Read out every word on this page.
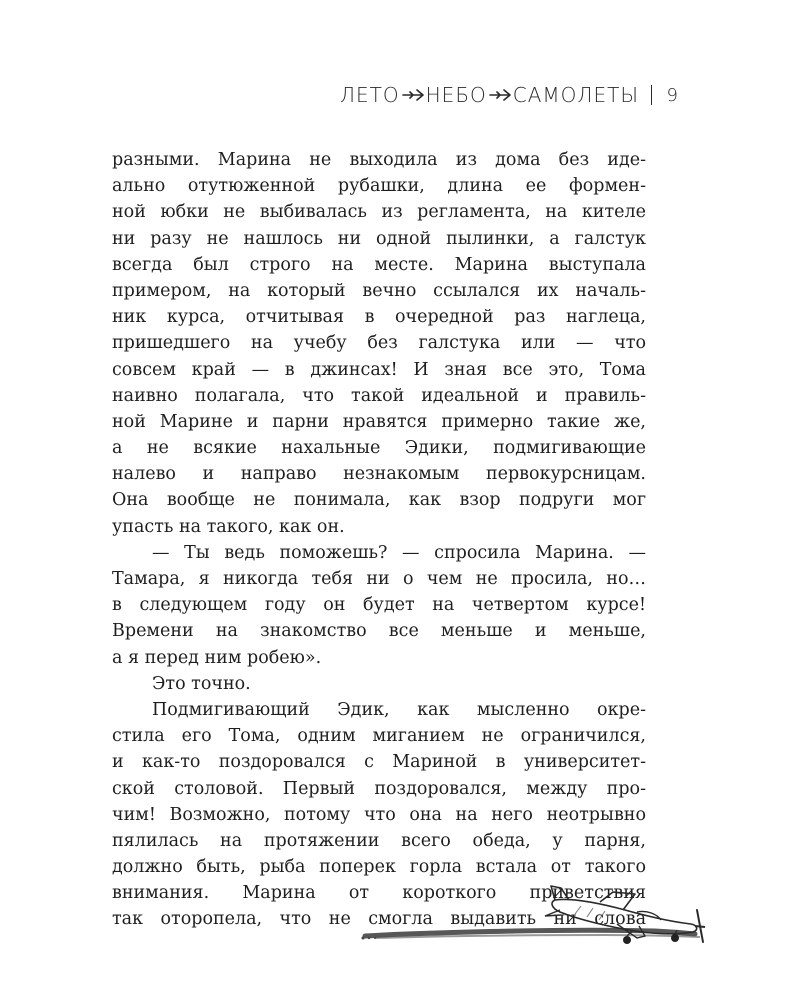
ЛЕТО НЕБО САМОЛЕТЫ 9
разными. Марина не выходила из дома без иде-
ально отутюженной рубашки, длина ее формен-
ной юбки не выбивалась из регламента, на кителе
ни разу не нашлось ни одной пылинки, а галстук
всегда был строго на месте. Марина выступала
примером, на который вечно ссылался их началь-
ник курса, отчитывая в очередной раз наглеца,
пришедшего на учебу без галстука или — что
совсем край — в джинсах! И зная все это, Тома
наивно полагала, что такой идеальной и правиль-
ной Марине и парни нравятся примерно такие же,
а не всякие нахальные Эдики, подмигивающие
налево и направо незнакомым первокурсницам.
Она вообще не понимала, как взор подруги мог
упасть на такого, как он.
— Ты ведь поможешь? — спросила Марина. —
Тамара, я никогда тебя ни о чем не просила, но…
в следующем году он будет на четвертом курсе!
Времени на знакомство все меньше и меньше,
а я перед ним робею».
Это точно.
Подмигивающий Эдик, как мысленно окре-
стила его Тома, одним миганием не ограничился,
и как-то поздоровался с Мариной в университет-
ской столовой. Первый поздоровался, между про-
чим! Возможно, потому что она на него неотрывно
пялилась на протяжении всего обеда, у парня,
должно быть, рыба поперек горла встала от такого
внимания. Марина от короткого приветствия
так оторопела, что не смогла выдавить ни слова
